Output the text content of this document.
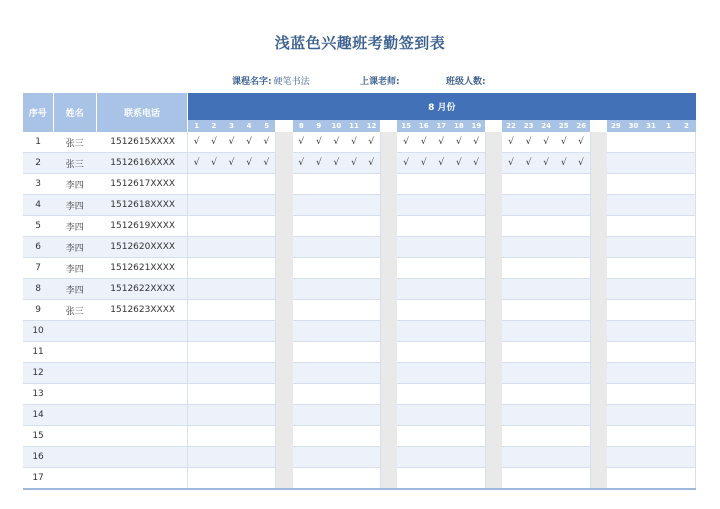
浅蓝色兴趣班考勤签到表
课程名字: 硬笔书法	上课老师:	班级人数:
序号	姓名	联系电话	8 月份																												
			1	2	3	4	5		8	9	10	11	12		15	16	17	18	19		22	23	24	25	26		29	30	31	1	2
1	张三	1512615XXXX	√	√	√	√	√		√	√	√	√	√		√	√	√	√	√		√	√	√	√	√						
2	张三	1512616XXXX	√	√	√	√	√		√	√	√	√	√		√	√	√	√	√		√	√	√	√	√						
3	李四	1512617XXXX																													
4	李四	1512618XXXX																													
5	李四	1512619XXXX																													
6	李四	1512620XXXX																													
7	李四	1512621XXXX																													
8	李四	1512622XXXX																													
9	张三	1512623XXXX																													
10																															
11																															
12																															
13																															
14																															
15																															
16																															
17																															
